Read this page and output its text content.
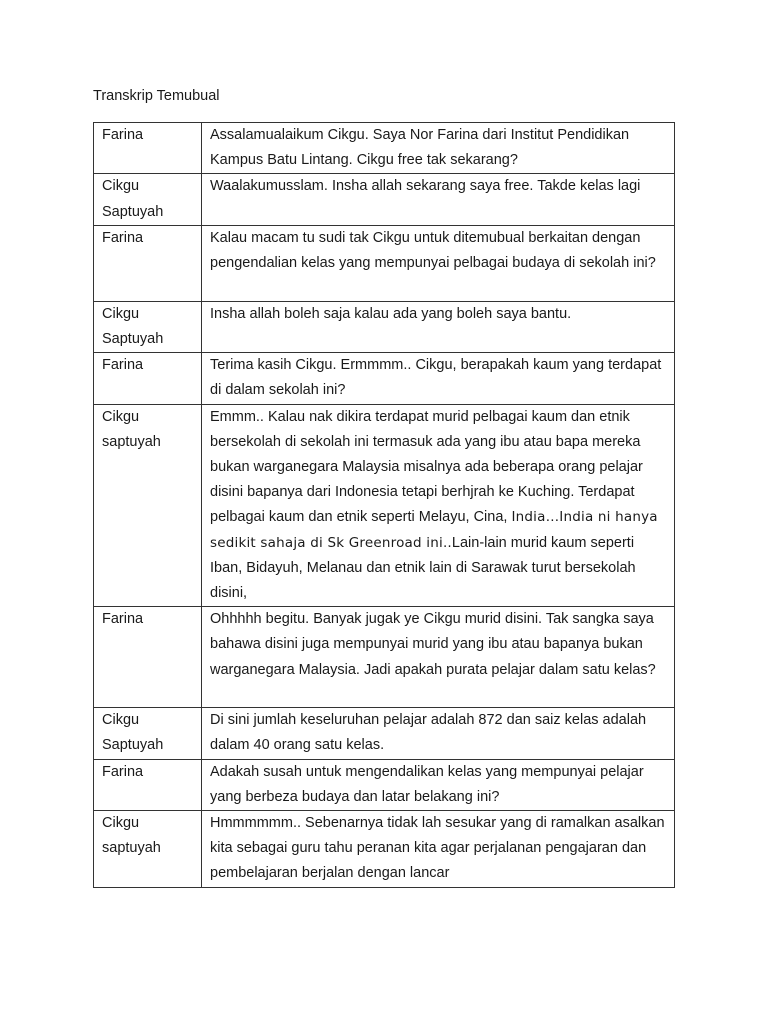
Transkrip Temubual
Farina	Assalamualaikum Cikgu. Saya Nor Farina dari Institut Pendidikan Kampus Batu Lintang. Cikgu free tak sekarang?
Cikgu
Saptuyah	Waalakumusslam. Insha allah sekarang saya free. Takde kelas lagi
Farina	Kalau macam tu sudi tak Cikgu untuk ditemubual berkaitan dengan pengendalian kelas yang mempunyai pelbagai budaya di sekolah ini?
Cikgu
Saptuyah	Insha allah boleh saja kalau ada yang boleh saya bantu.
Farina	Terima kasih Cikgu. Ermmmm.. Cikgu, berapakah kaum yang terdapat di dalam sekolah ini?
Cikgu
saptuyah	Emmm.. Kalau nak dikira terdapat murid pelbagai kaum dan etnik bersekolah di sekolah ini termasuk ada yang ibu atau bapa mereka bukan warganegara Malaysia misalnya ada beberapa orang pelajar disini bapanya dari Indonesia tetapi berhjrah ke Kuching. Terdapat pelbagai kaum dan etnik seperti Melayu, Cina, India…India ni hanya sedikit sahaja di Sk Greenroad ini..Lain-lain murid kaum seperti Iban, Bidayuh, Melanau dan etnik lain di Sarawak turut bersekolah disini,
Farina	Ohhhhh begitu. Banyak jugak ye Cikgu murid disini. Tak sangka saya bahawa disini juga mempunyai murid yang ibu atau bapanya bukan warganegara Malaysia. Jadi apakah purata pelajar dalam satu kelas?
Cikgu
Saptuyah	Di sini jumlah keseluruhan pelajar adalah 872 dan saiz kelas adalah dalam 40 orang satu kelas.
Farina	Adakah susah untuk mengendalikan kelas yang mempunyai pelajar yang berbeza budaya dan latar belakang ini?
Cikgu
saptuyah	Hmmmmmm.. Sebenarnya tidak lah sesukar yang di ramalkan asalkan kita sebagai guru tahu peranan kita agar perjalanan pengajaran dan pembelajaran berjalan dengan lancar
